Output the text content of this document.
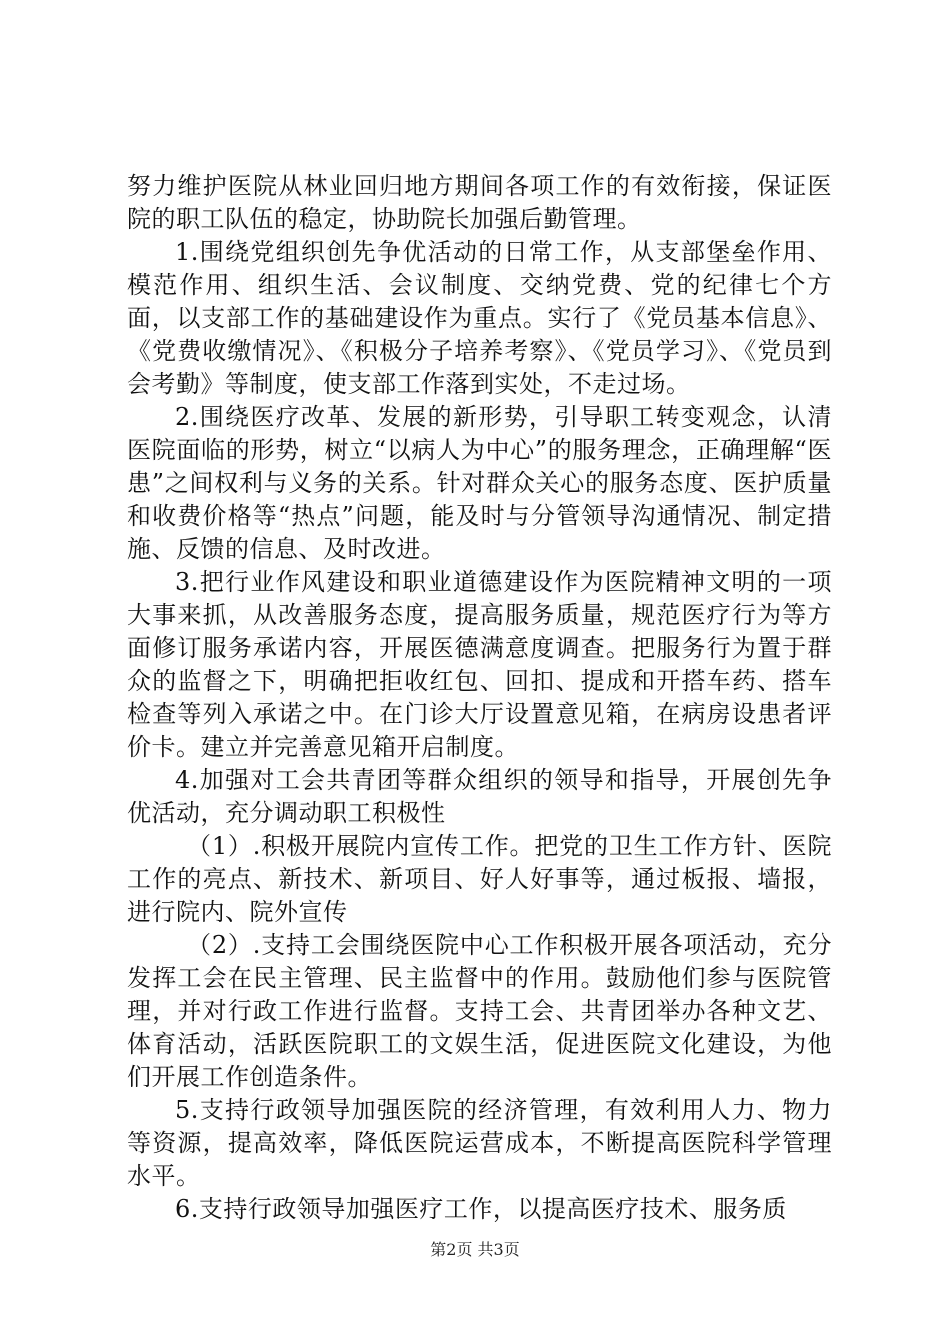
努力维护医院从林业回归地方期间各项工作的有效衔接，保证医院的职工队伍的稳定，协助院长加强后勤管理。

1.围绕党组织创先争优活动的日常工作，从支部堡垒作用、模范作用、组织生活、会议制度、交纳党费、党的纪律七个方面，以支部工作的基础建设作为重点。实行了《党员基本信息》、《党费收缴情况》、《积极分子培养考察》、《党员学习》、《党员到会考勤》等制度，使支部工作落到实处，不走过场。

2.围绕医疗改革、发展的新形势，引导职工转变观念，认清医院面临的形势，树立“以病人为中心”的服务理念，正确理解“医患”之间权利与义务的关系。针对群众关心的服务态度、医护质量和收费价格等“热点”问题，能及时与分管领导沟通情况、制定措施、反馈的信息、及时改进。

3.把行业作风建设和职业道德建设作为医院精神文明的一项大事来抓，从改善服务态度，提高服务质量，规范医疗行为等方面修订服务承诺内容，开展医德满意度调查。把服务行为置于群众的监督之下，明确把拒收红包、回扣、提成和开搭车药、搭车检查等列入承诺之中。在门诊大厅设置意见箱，在病房设患者评价卡。建立并完善意见箱开启制度。

4.加强对工会共青团等群众组织的领导和指导，开展创先争优活动，充分调动职工积极性

（1）.积极开展院内宣传工作。把党的卫生工作方针、医院工作的亮点、新技术、新项目、好人好事等，通过板报、墙报，进行院内、院外宣传

（2）.支持工会围绕医院中心工作积极开展各项活动，充分发挥工会在民主管理、民主监督中的作用。鼓励他们参与医院管理，并对行政工作进行监督。支持工会、共青团举办各种文艺、体育活动，活跃医院职工的文娱生活，促进医院文化建设，为他们开展工作创造条件。

5.支持行政领导加强医院的经济管理，有效利用人力、物力等资源，提高效率，降低医院运营成本，不断提高医院科学管理水平。

6.支持行政领导加强医疗工作，以提高医疗技术、服务质

第2页 共3页
